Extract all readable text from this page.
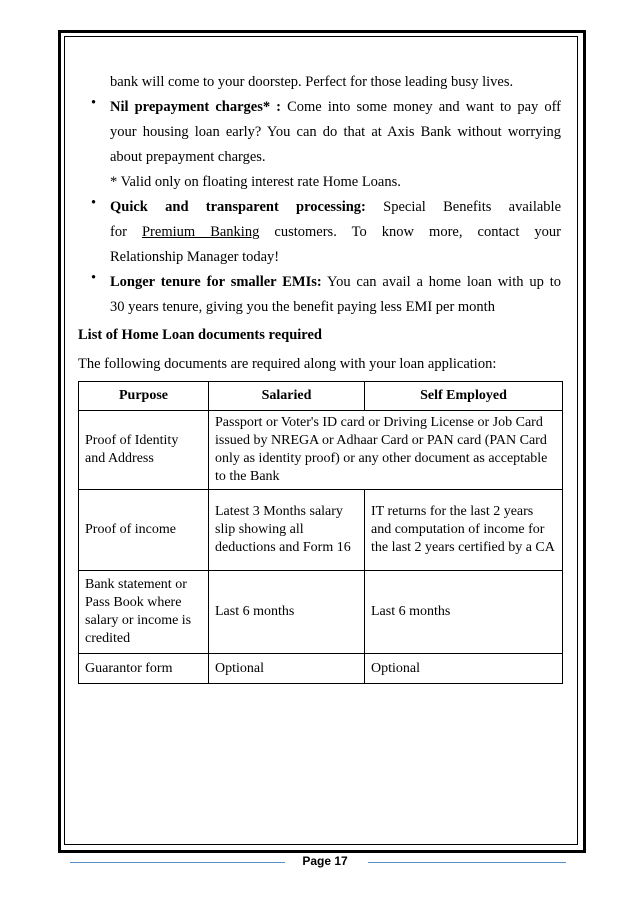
bank will come to your doorstep. Perfect for those leading busy lives.
• Nil prepayment charges* : Come into some money and want to pay off
your housing loan early? You can do that at Axis Bank without worrying
about prepayment charges.
* Valid only on floating interest rate Home Loans.
• Quick and transparent processing: Special Benefits available
for Premium Banking customers. To know more, contact your
Relationship Manager today!
• Longer tenure for smaller EMIs: You can avail a home loan with up to
30 years tenure, giving you the benefit paying less EMI per month
List of Home Loan documents required
The following documents are required along with your loan application:
Purpose	Salaried	Self Employed
Proof of Identity and Address	Passport or Voter's ID card or Driving License or Job Card issued by NREGA or Adhaar Card or PAN card (PAN Card only as identity proof) or any other document as acceptable to the Bank	
Proof of income	Latest 3 Months salary slip showing all deductions and Form 16	IT returns for the last 2 years and computation of income for the last 2 years certified by a CA
Bank statement or Pass Book where salary or income is credited	Last 6 months	Last 6 months
Guarantor form	Optional	Optional
Page 17
